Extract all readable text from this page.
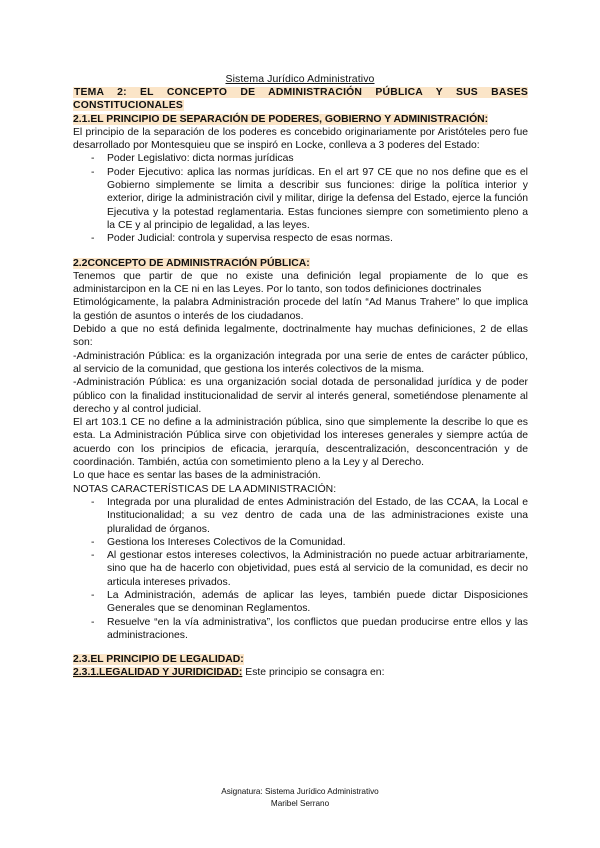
Sistema Jurídico Administrativo
TEMA 2: EL CONCEPTO DE ADMINISTRACIÓN PÚBLICA Y SUS BASES CONSTITUCIONALES
2.1.EL PRINCIPIO DE SEPARACIÓN DE PODERES, GOBIERNO Y ADMINISTRACIÓN:

El principio de la separación de los poderes es concebido originariamente por Aristóteles pero fue desarrollado por Montesquieu que se inspiró en Locke, conlleva a 3 poderes del Estado:

- Poder Legislativo: dicta normas jurídicas
- Poder Ejecutivo: aplica las normas jurídicas. En el art 97 CE que no nos define que es el Gobierno simplemente se limita a describir sus funciones: dirige la política interior y exterior, dirige la administración civil y militar, dirige la defensa del Estado, ejerce la función Ejecutiva y la potestad reglamentaria. Estas funciones siempre con sometimiento pleno a la CE y al principio de legalidad, a las leyes.
- Poder Judicial: controla y supervisa respecto de esas normas.
2.2CONCEPTO DE ADMINISTRACIÓN PÚBLICA:

Tenemos que partir de que no existe una definición legal propiamente de lo que es administarcipon en la CE ni en las Leyes. Por lo tanto, son todos definiciones doctrinales

Etimológicamente, la palabra Administración procede del latín “Ad Manus Trahere” lo que implica la gestión de asuntos o interés de los ciudadanos.

Debido a que no está definida legalmente, doctrinalmente hay muchas definiciones, 2 de ellas son:

-Administración Pública: es la organización integrada por una serie de entes de carácter público, al servicio de la comunidad, que gestiona los interés colectivos de la misma.

-Administración Pública: es una organización social dotada de personalidad jurídica y de poder público con la finalidad institucionalidad de servir al interés general, sometiéndose plenamente al derecho y al control judicial.

El art 103.1 CE no define a la administración pública, sino que simplemente la describe lo que es esta. La Administración Pública sirve con objetividad los intereses generales y siempre actúa de acuerdo con los principios de eficacia, jerarquía, descentralización, desconcentración y de coordinación. También, actúa con sometimiento pleno a la Ley y al Derecho.

Lo que hace es sentar las bases de la administración.

NOTAS CARACTERÍSTICAS DE LA ADMINISTRACIÓN:

- Integrada por una pluralidad de entes Administración del Estado, de las CCAA, la Local e Institucionalidad; a su vez dentro de cada una de las administraciones existe una pluralidad de órganos.
- Gestiona los Intereses Colectivos de la Comunidad.
- Al gestionar estos intereses colectivos, la Administración no puede actuar arbitrariamente, sino que ha de hacerlo con objetividad, pues está al servicio de la comunidad, es decir no articula intereses privados.
- La Administración, además de aplicar las leyes, también puede dictar Disposiciones Generales que se denominan Reglamentos.
- Resuelve “en la vía administrativa”, los conflictos que puedan producirse entre ellos y las administraciones.
2.3.EL PRINCIPIO DE LEGALIDAD:

2.3.1.LEGALIDAD Y JURIDICIDAD: Este principio se consagra en:

Asignatura: Sistema Jurídico Administrativo
Maribel Serrano
